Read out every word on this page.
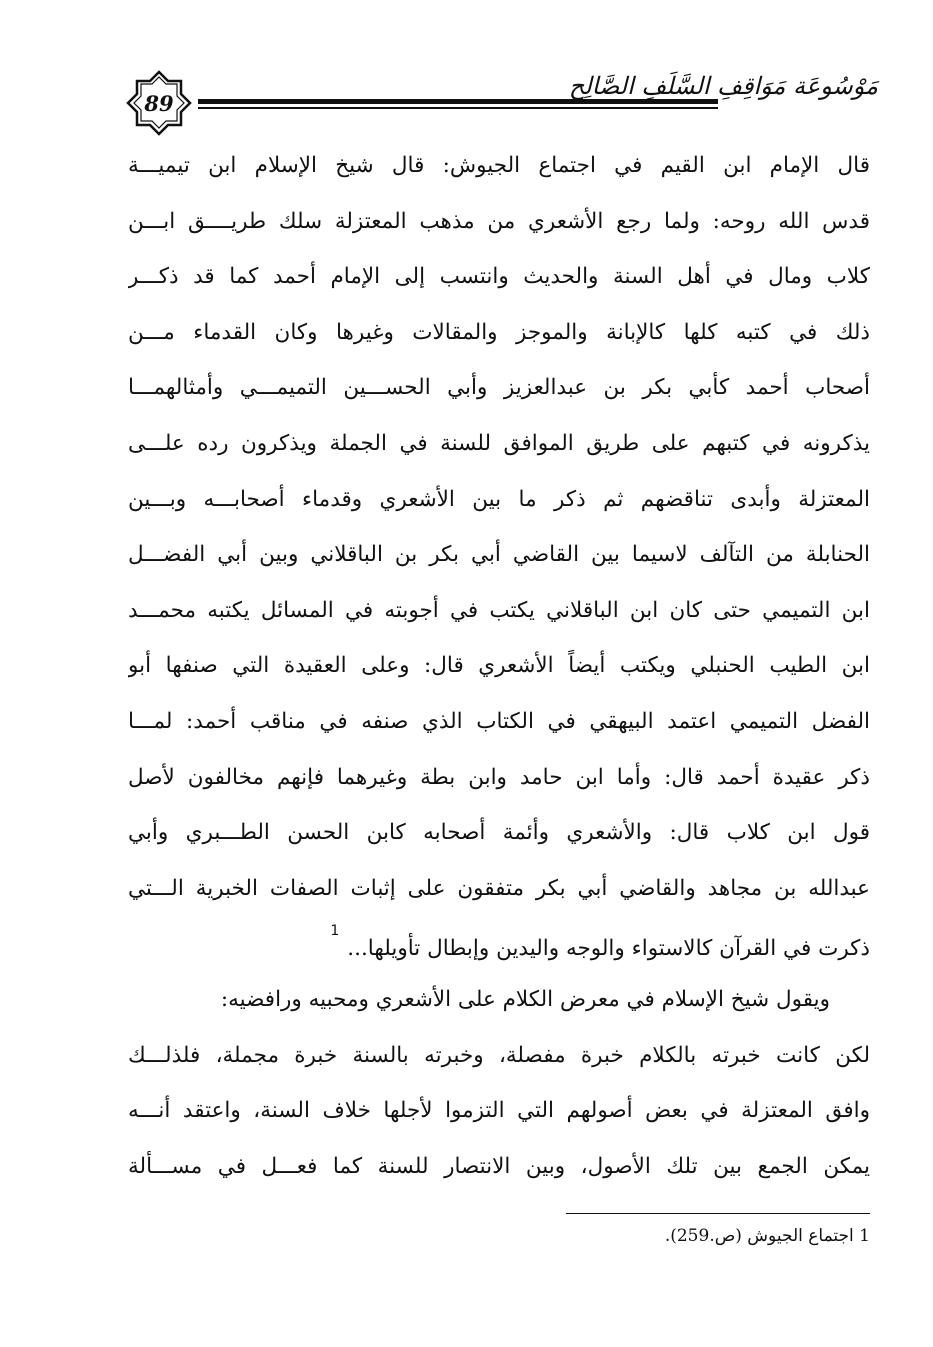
89
مَوْسُوعَة مَوَاقِفِ السَّلَفِ الصَّالِح
قال الإمام ابن القيم في اجتماع الجيوش: قال شيخ الإسلام ابن تيميـــة
قدس الله روحه: ولما رجع الأشعري من مذهب المعتزلة سلك طريــــق ابـــن
كلاب ومال في أهل السنة والحديث وانتسب إلى الإمام أحمد كما قد ذكـــر
ذلك في كتبه كلها كالإبانة والموجز والمقالات وغيرها وكان القدماء مـــن
أصحاب أحمد كأبي بكر بن عبدالعزيز وأبي الحســـين التميمـــي وأمثالهمـــا
يذكرونه في كتبهم على طريق الموافق للسنة في الجملة ويذكرون رده علـــى
المعتزلة وأبدى تناقضهم ثم ذكر ما بين الأشعري وقدماء أصحابـــه وبـــين
الحنابلة من التآلف لاسيما بين القاضي أبي بكر بن الباقلاني وبين أبي الفضـــل
ابن التميمي حتى كان ابن الباقلاني يكتب في أجوبته في المسائل يكتبه محمـــد
ابن الطيب الحنبلي ويكتب أيضاً الأشعري قال: وعلى العقيدة التي صنفها أبو
الفضل التميمي اعتمد البيهقي في الكتاب الذي صنفه في مناقب أحمد: لمـــا
ذكر عقيدة أحمد قال: وأما ابن حامد وابن بطة وغيرهما فإنهم مخالفون لأصل
قول ابن كلاب قال: والأشعري وأئمة أصحابه كابن الحسن الطـــبري وأبي
عبدالله بن مجاهد والقاضي أبي بكر متفقون على إثبات الصفات الخبرية الـــتي
ذكرت في القرآن كالاستواء والوجه واليدين وإبطال تأويلها...$^1$
ويقول شيخ الإسلام في معرض الكلام على الأشعري ومحبيه ورافضيه:
لكن كانت خبرته بالكلام خبرة مفصلة، وخبرته بالسنة خبرة مجملة، فلذلـــك
وافق المعتزلة في بعض أصولهم التي التزموا لأجلها خلاف السنة، واعتقد أنـــه
يمكن الجمع بين تلك الأصول، وبين الانتصار للسنة كما فعـــل في مســـألة
1 اجتماع الجيوش (ص.259).
